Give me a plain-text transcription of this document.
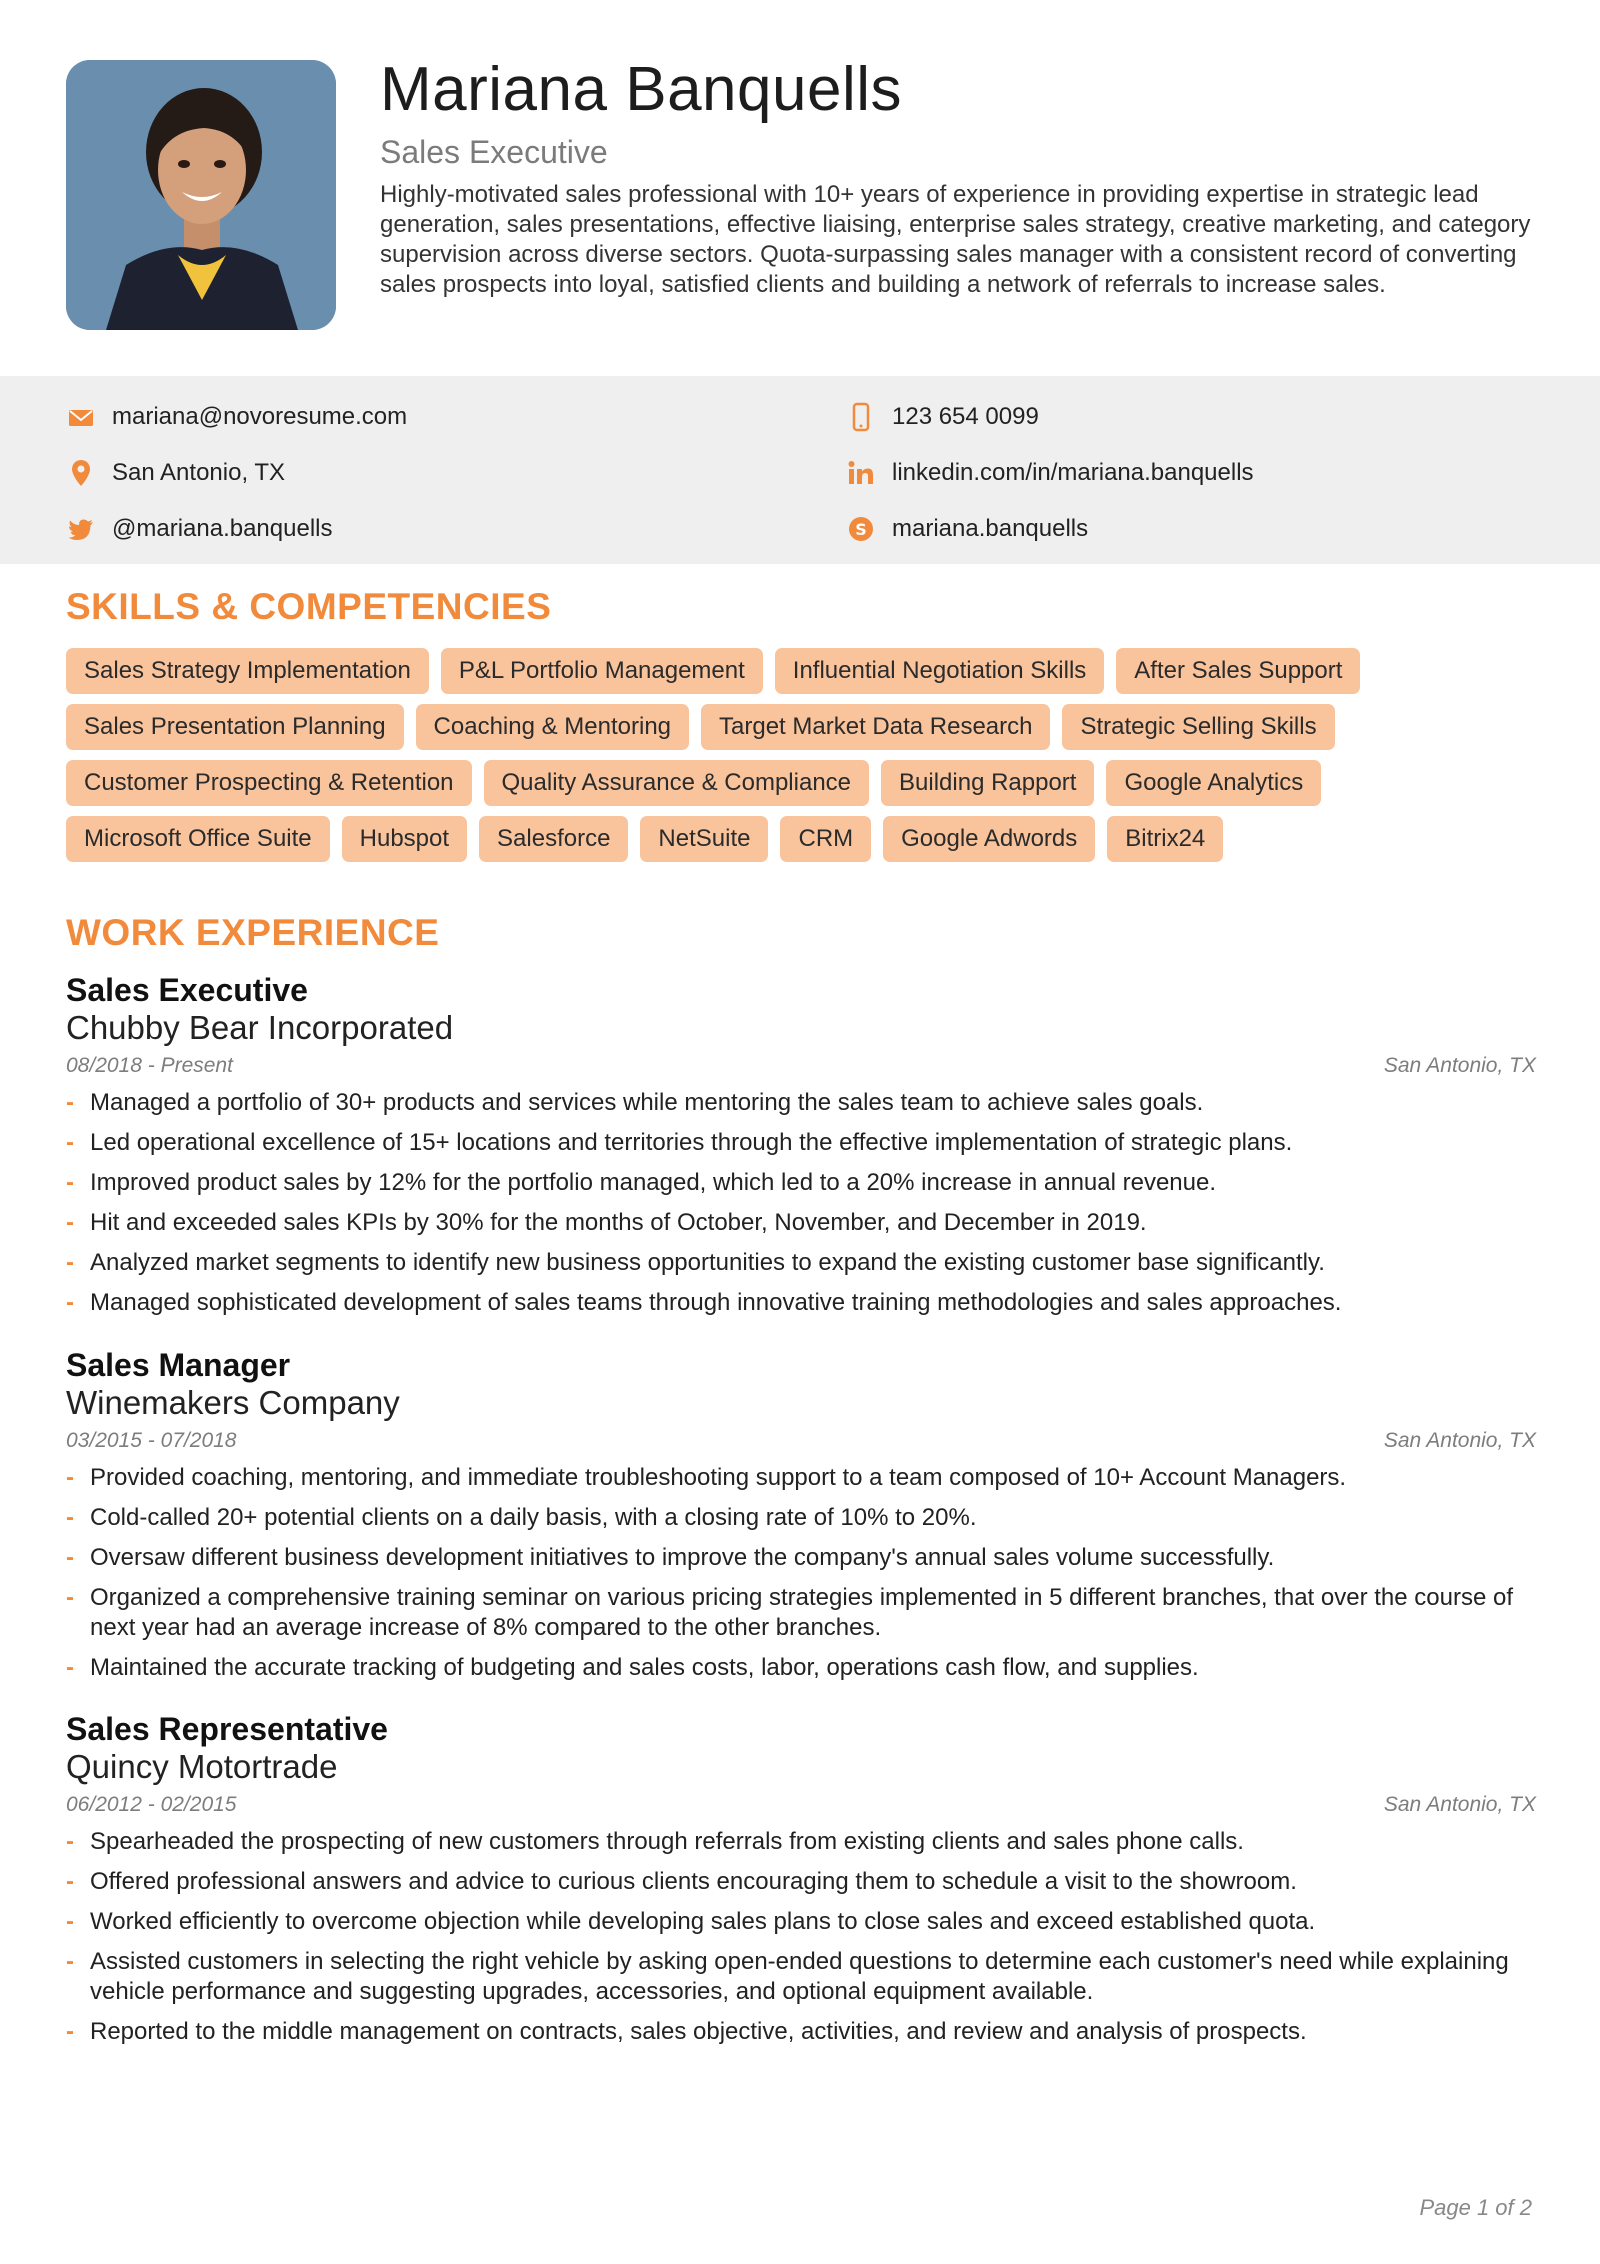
Mariana Banquells
Sales Executive
Highly-motivated sales professional with 10+ years of experience in providing expertise in strategic lead generation, sales presentations, effective liaising, enterprise sales strategy, creative marketing, and category supervision across diverse sectors. Quota-surpassing sales manager with a consistent record of converting sales prospects into loyal, satisfied clients and building a network of referrals to increase sales.
mariana@novoresume.com	123 654 0099
San Antonio, TX	linkedin.com/in/mariana.banquells
@mariana.banquells	S mariana.banquells
SKILLS & COMPETENCIES
Sales Strategy Implementation	P&L Portfolio Management	Influential Negotiation Skills	After Sales Support
Sales Presentation Planning	Coaching & Mentoring	Target Market Data Research	Strategic Selling Skills
Customer Prospecting & Retention	Quality Assurance & Compliance	Building Rapport	Google Analytics
Microsoft Office Suite	Hubspot	Salesforce	NetSuite	CRM	Google Adwords	Bitrix24
WORK EXPERIENCE
Sales Executive
Chubby Bear Incorporated
08/2018 - Present	San Antonio, TX
- Managed a portfolio of 30+ products and services while mentoring the sales team to achieve sales goals.
- Led operational excellence of 15+ locations and territories through the effective implementation of strategic plans.
- Improved product sales by 12% for the portfolio managed, which led to a 20% increase in annual revenue.
- Hit and exceeded sales KPIs by 30% for the months of October, November, and December in 2019.
- Analyzed market segments to identify new business opportunities to expand the existing customer base significantly.
- Managed sophisticated development of sales teams through innovative training methodologies and sales approaches.
Sales Manager
Winemakers Company
03/2015 - 07/2018	San Antonio, TX
- Provided coaching, mentoring, and immediate troubleshooting support to a team composed of 10+ Account Managers.
- Cold-called 20+ potential clients on a daily basis, with a closing rate of 10% to 20%.
- Oversaw different business development initiatives to improve the company's annual sales volume successfully.
- Organized a comprehensive training seminar on various pricing strategies implemented in 5 different branches, that over the course of next year had an average increase of 8% compared to the other branches.
- Maintained the accurate tracking of budgeting and sales costs, labor, operations cash flow, and supplies.
Sales Representative
Quincy Motortrade
06/2012 - 02/2015	San Antonio, TX
- Spearheaded the prospecting of new customers through referrals from existing clients and sales phone calls.
- Offered professional answers and advice to curious clients encouraging them to schedule a visit to the showroom.
- Worked efficiently to overcome objection while developing sales plans to close sales and exceed established quota.
- Assisted customers in selecting the right vehicle by asking open-ended questions to determine each customer's need while explaining vehicle performance and suggesting upgrades, accessories, and optional equipment available.
- Reported to the middle management on contracts, sales objective, activities, and review and analysis of prospects.
Page 1 of 2
